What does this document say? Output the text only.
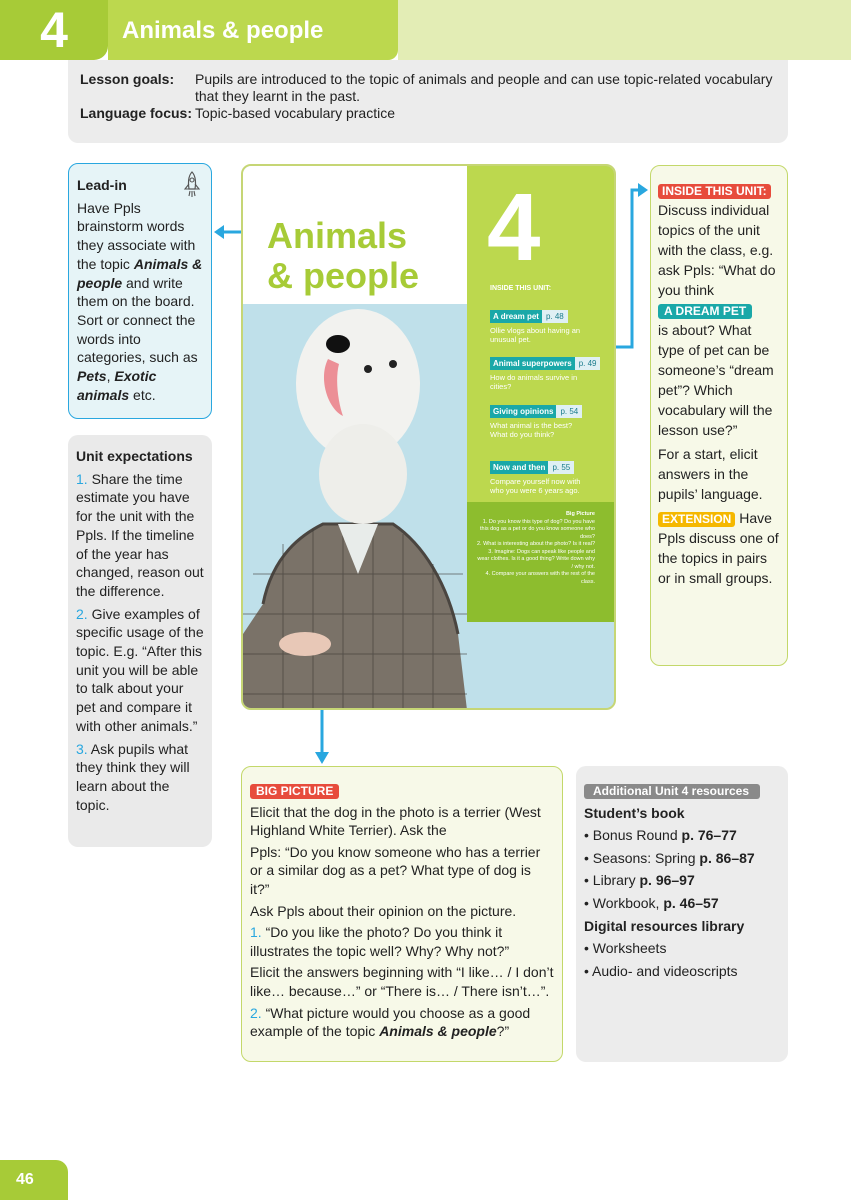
4	Animals & people
Lesson goals:	Pupils are introduced to the topic of animals and people and can use topic-related vocabulary that they learnt in the past.
Language focus: Topic-based vocabulary practice
Lead-in
Have Ppls brainstorm words they associate with the topic Animals & people and write them on the board. Sort or connect the words into categories, such as Pets, Exotic animals etc.
Unit expectations
1. Share the time estimate you have for the unit with the Ppls. If the timeline of the year has changed, reason out the difference.
2. Give examples of specific usage of the topic. E.g. “After this unit you will be able to talk about your pet and compare it with other animals.”
3. Ask pupils what they think they will learn about the topic.
Animals
& people 4
INSIDE THIS UNIT:
A dream pet p. 48
Ollie vlogs about having an unusual pet.
Animal superpowers p. 49
How do animals survive in cities?
Giving opinions p. 54
What animal is the best? What do you think?
Now and then p. 55
Compare yourself now with who you were 6 years ago.
Big Picture
1. Do you know this type of dog? Do you have this dog as a pet or do you know someone who does?
2. What is interesting about the photo? Is it real?
3. Imagine: Dogs can speak like people and wear clothes. Is it a good thing? Write down why / why not.
4. Compare your answers with the rest of the class.
INSIDE THIS UNIT:
Discuss individual topics of the unit with the class, e.g. ask Ppls: “What do you think
A DREAM PET
is about? What type of pet can be someone’s “dream pet”? Which vocabulary will the lesson use?”
For a start, elicit answers in the pupils’ language.
EXTENSION Have Ppls discuss one of the topics in pairs or in small groups.
BIG PICTURE

Elicit that the dog in the photo is a terrier (West Highland White Terrier). Ask the

Ppls: “Do you know someone who has a terrier or a similar dog as a pet? What type of dog is it?”

Ask Ppls about their opinion on the picture.

1. “Do you like the photo? Do you think it illustrates the topic well? Why? Why not?”

Elicit the answers beginning with “I like… / I don’t like… because…” or “There is… / There isn’t…”.

2. “What picture would you choose as a good example of the topic Animals & people?”

Additional Unit 4 resources
Student’s book
• Bonus Round p. 76–77
• Seasons: Spring p. 86–87
• Library p. 96–97
• Workbook, p. 46–57
Digital resources library
• Worksheets
• Audio- and videoscripts
46
